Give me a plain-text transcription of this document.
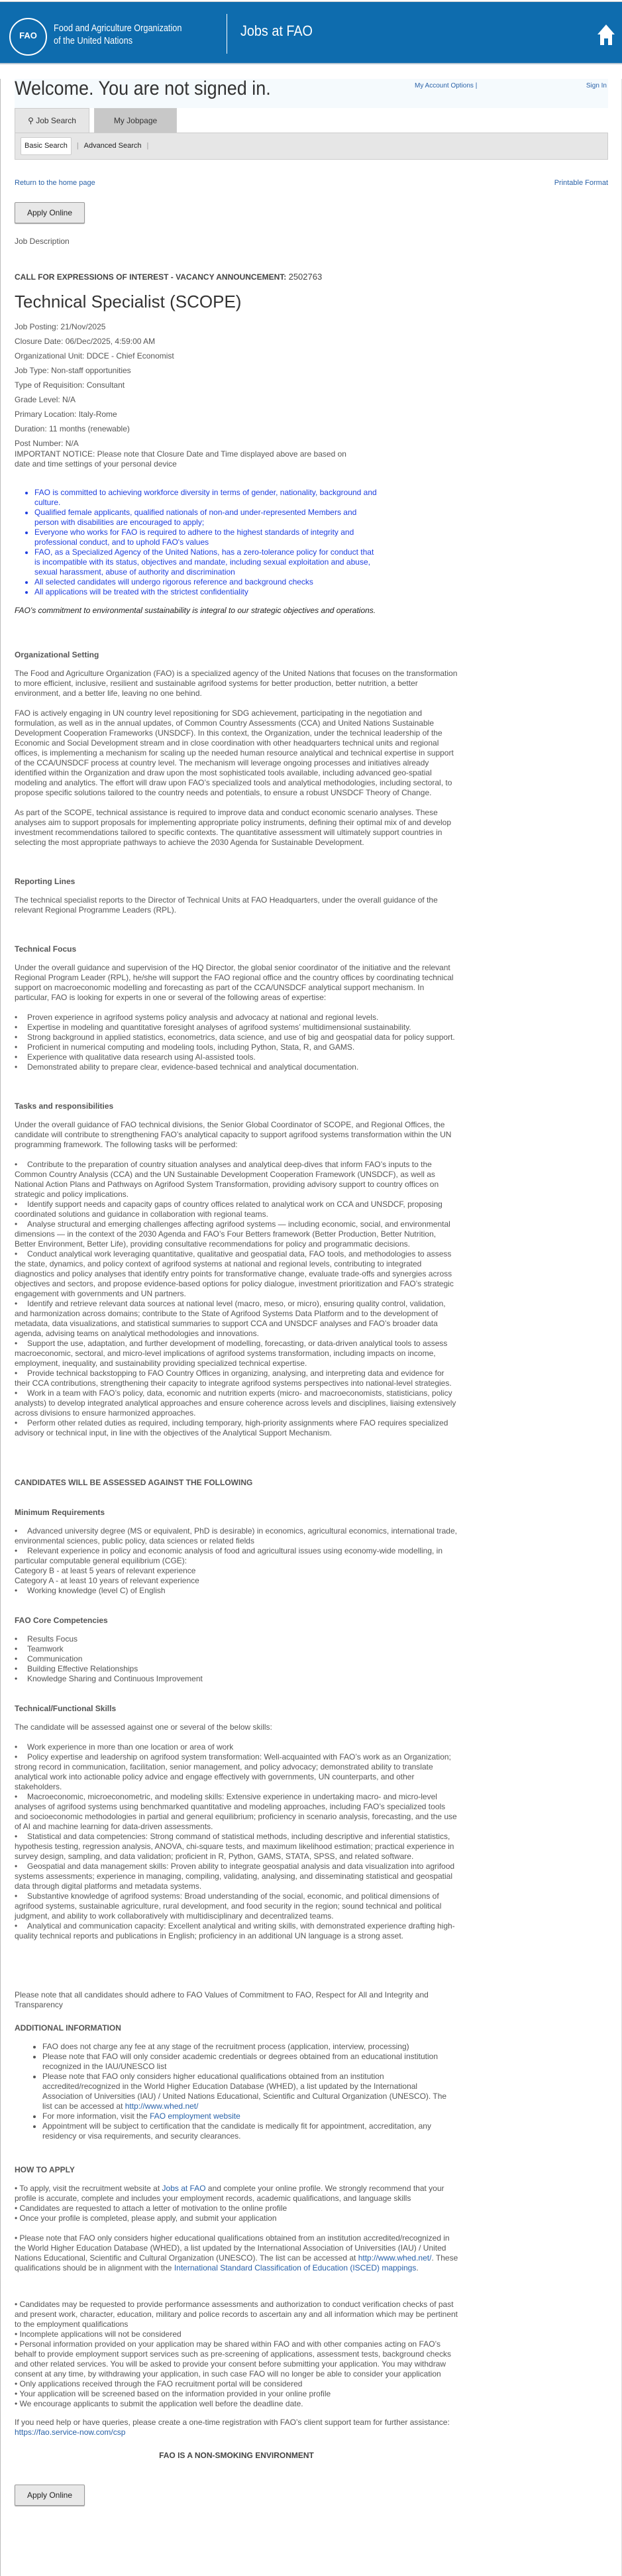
FAO
Food and Agriculture Organization
of the United Nations
Jobs at FAO
Welcome. You are not signed in.	My Account Options |	Sign In
⚲ Job Search	My Jobpage
Basic Search	| Advanced Search |
Return to the home page	Printable Format
Apply Online
Job Description
CALL FOR EXPRESSIONS OF INTEREST - VACANCY ANNOUNCEMENT: 2502763
Technical Specialist (SCOPE)
Job Posting: 21/Nov/2025
Closure Date: 06/Dec/2025, 4:59:00 AM
Organizational Unit: DDCE - Chief Economist
Job Type: Non-staff opportunities
Type of Requisition: Consultant
Grade Level: N/A
Primary Location: Italy-Rome
Duration: 11 months (renewable)
Post Number: N/A
IMPORTANT NOTICE: Please note that Closure Date and Time displayed above are based on date and time settings of your personal device
• FAO is committed to achieving workforce diversity in terms of gender, nationality, background and culture.
• Qualified female applicants, qualified nationals of non-and under-represented Members and person with disabilities are encouraged to apply;
• Everyone who works for FAO is required to adhere to the highest standards of integrity and professional conduct, and to uphold FAO's values
• FAO, as a Specialized Agency of the United Nations, has a zero-tolerance policy for conduct that is incompatible with its status, objectives and mandate, including sexual exploitation and abuse, sexual harassment, abuse of authority and discrimination
• All selected candidates will undergo rigorous reference and background checks
• All applications will be treated with the strictest confidentiality
FAO’s commitment to environmental sustainability is integral to our strategic objectives and operations.
Organizational Setting

The Food and Agriculture Organization (FAO) is a specialized agency of the United Nations that focuses on the transformation to more efficient, inclusive, resilient and sustainable agrifood systems for better production, better nutrition, a better environment, and a better life, leaving no one behind.

FAO is actively engaging in UN country level repositioning for SDG achievement, participating in the negotiation and formulation, as well as in the annual updates, of Common Country Assessments (CCA) and United Nations Sustainable Development Cooperation Frameworks (UNSDCF). In this context, the Organization, under the technical leadership of the Economic and Social Development stream and in close coordination with other headquarters technical units and regional offices, is implementing a mechanism for scaling up the needed human resource analytical and technical expertise in support of the CCA/UNSDCF process at country level. The mechanism will leverage ongoing processes and initiatives already identified within the Organization and draw upon the most sophisticated tools available, including advanced geo-spatial modeling and analytics. The effort will draw upon FAO’s specialized tools and analytical methodologies, including sectoral, to propose specific solutions tailored to the country needs and potentials, to ensure a robust UNSDCF Theory of Change.

As part of the SCOPE, technical assistance is required to improve data and conduct economic scenario analyses. These analyses aim to support proposals for implementing appropriate policy instruments, defining their optimal mix of and develop investment recommendations tailored to specific contexts. The quantitative assessment will ultimately support countries in selecting the most appropriate pathways to achieve the 2030 Agenda for Sustainable Development.

Reporting Lines

The technical specialist reports to the Director of Technical Units at FAO Headquarters, under the overall guidance of the relevant Regional Programme Leaders (RPL).

Technical Focus

Under the overall guidance and supervision of the HQ Director, the global senior coordinator of the initiative and the relevant Regional Program Leader (RPL), he/she will support the FAO regional office and the country offices by coordinating technical support on macroeconomic modelling and forecasting as part of the CCA/UNSDCF analytical support mechanism. In particular, FAO is looking for experts in one or several of the following areas of expertise:

• Proven experience in agrifood systems policy analysis and advocacy at national and regional levels.
• Expertise in modeling and quantitative foresight analyses of agrifood systems’ multidimensional sustainability.
• Strong background in applied statistics, econometrics, data science, and use of big and geospatial data for policy support.
• Proficient in numerical computing and modeling tools, including Python, Stata, R, and GAMS.
• Experience with qualitative data research using AI-assisted tools.
• Demonstrated ability to prepare clear, evidence-based technical and analytical documentation.
Tasks and responsibilities

Under the overall guidance of FAO technical divisions, the Senior Global Coordinator of SCOPE, and Regional Offices, the candidate will contribute to strengthening FAO’s analytical capacity to support agrifood systems transformation within the UN programming framework. The following tasks will be performed:

• Contribute to the preparation of country situation analyses and analytical deep-dives that inform FAO’s inputs to the Common Country Analysis (CCA) and the UN Sustainable Development Cooperation Framework (UNSDCF), as well as National Action Plans and Pathways on Agrifood System Transformation, providing advisory support to country offices on strategic and policy implications.
• Identify support needs and capacity gaps of country offices related to analytical work on CCA and UNSDCF, proposing coordinated solutions and guidance in collaboration with regional teams.
• Analyse structural and emerging challenges affecting agrifood systems — including economic, social, and environmental dimensions — in the context of the 2030 Agenda and FAO’s Four Betters framework (Better Production, Better Nutrition, Better Environment, Better Life), providing consultative recommendations for policy and programmatic decisions.
• Conduct analytical work leveraging quantitative, qualitative and geospatial data, FAO tools, and methodologies to assess the state, dynamics, and policy context of agrifood systems at national and regional levels, contributing to integrated diagnostics and policy analyses that identify entry points for transformative change, evaluate trade-offs and synergies across objectives and sectors, and propose evidence-based options for policy dialogue, investment prioritization and FAO’s strategic engagement with governments and UN partners.
• Identify and retrieve relevant data sources at national level (macro, meso, or micro), ensuring quality control, validation, and harmonization across domains; contribute to the State of Agrifood Systems Data Platform and to the development of metadata, data visualizations, and statistical summaries to support CCA and UNSDCF analyses and FAO’s broader data agenda, advising teams on analytical methodologies and innovations.
• Support the use, adaptation, and further development of modelling, forecasting, or data-driven analytical tools to assess macroeconomic, sectoral, and micro-level implications of agrifood systems transformation, including impacts on income, employment, inequality, and sustainability providing specialized technical expertise.
• Provide technical backstopping to FAO Country Offices in organizing, analysing, and interpreting data and evidence for their CCA contributions, strengthening their capacity to integrate agrifood systems perspectives into national-level strategies.
• Work in a team with FAO’s policy, data, economic and nutrition experts (micro- and macroeconomists, statisticians, policy analysts) to develop integrated analytical approaches and ensure coherence across levels and disciplines, liaising extensively across divisions to ensure harmonized approaches.
• Perform other related duties as required, including temporary, high-priority assignments where FAO requires specialized advisory or technical input, in line with the objectives of the Analytical Support Mechanism.
CANDIDATES WILL BE ASSESSED AGAINST THE FOLLOWING
Minimum Requirements
• Advanced university degree (MS or equivalent, PhD is desirable) in economics, agricultural economics, international trade, environmental sciences, public policy, data sciences or related fields
• Relevant experience in policy and economic analysis of food and agricultural issues using economy-wide modelling, in particular computable general equilibrium (CGE):
Category B - at least 5 years of relevant experience
Category A - at least 10 years of relevant experience
• Working knowledge (level C) of English
FAO Core Competencies
• Results Focus
• Teamwork
• Communication
• Building Effective Relationships
• Knowledge Sharing and Continuous Improvement
Technical/Functional Skills

The candidate will be assessed against one or several of the below skills:

• Work experience in more than one location or area of work
• Policy expertise and leadership on agrifood system transformation: Well-acquainted with FAO’s work as an Organization; strong record in communication, facilitation, senior management, and policy advocacy; demonstrated ability to translate analytical work into actionable policy advice and engage effectively with governments, UN counterparts, and other stakeholders.
• Macroeconomic, microeconometric, and modeling skills: Extensive experience in undertaking macro- and micro-level analyses of agrifood systems using benchmarked quantitative and modeling approaches, including FAO’s specialized tools and socioeconomic methodologies in partial and general equilibrium; proficiency in scenario analysis, forecasting, and the use of AI and machine learning for data-driven assessments.
• Statistical and data competencies: Strong command of statistical methods, including descriptive and inferential statistics, hypothesis testing, regression analysis, ANOVA, chi-square tests, and maximum likelihood estimation; practical experience in survey design, sampling, and data validation; proficient in R, Python, GAMS, STATA, SPSS, and related software.
• Geospatial and data management skills: Proven ability to integrate geospatial analysis and data visualization into agrifood systems assessments; experience in managing, compiling, validating, analysing, and disseminating statistical and geospatial data through digital platforms and metadata systems.
• Substantive knowledge of agrifood systems: Broad understanding of the social, economic, and political dimensions of agrifood systems, sustainable agriculture, rural development, and food security in the region; sound technical and political judgment, and ability to work collaboratively with multidisciplinary and decentralized teams.
• Analytical and communication capacity: Excellent analytical and writing skills, with demonstrated experience drafting high-quality technical reports and publications in English; proficiency in an additional UN language is a strong asset.

Please note that all candidates should adhere to FAO Values of Commitment to FAO, Respect for All and Integrity and Transparency

ADDITIONAL INFORMATION
• FAO does not charge any fee at any stage of the recruitment process (application, interview, processing)
• Please note that FAO will only consider academic credentials or degrees obtained from an educational institution recognized in the IAU/UNESCO list
• Please note that FAO only considers higher educational qualifications obtained from an institution accredited/recognized in the World Higher Education Database (WHED), a list updated by the International Association of Universities (IAU) / United Nations Educational, Scientific and Cultural Organization (UNESCO). The list can be accessed at http://www.whed.net/
• For more information, visit the FAO employment website
• Appointment will be subject to certification that the candidate is medically fit for appointment, accreditation, any residency or visa requirements, and security clearances.
HOW TO APPLY
• To apply, visit the recruitment website at Jobs at FAO and complete your online profile. We strongly recommend that your profile is accurate, complete and includes your employment records, academic qualifications, and language skills
• Candidates are requested to attach a letter of motivation to the online profile
• Once your profile is completed, please apply, and submit your application

• Please note that FAO only considers higher educational qualifications obtained from an institution accredited/recognized in the World Higher Education Database (WHED), a list updated by the International Association of Universities (IAU) / United Nations Educational, Scientific and Cultural Organization (UNESCO). The list can be accessed at http://www.whed.net/. These qualifications should be in alignment with the International Standard Classification of Education (ISCED) mappings.

• Candidates may be requested to provide performance assessments and authorization to conduct verification checks of past and present work, character, education, military and police records to ascertain any and all information which may be pertinent to the employment qualifications
• Incomplete applications will not be considered
• Personal information provided on your application may be shared within FAO and with other companies acting on FAO’s behalf to provide employment support services such as pre-screening of applications, assessment tests, background checks and other related services. You will be asked to provide your consent before submitting your application. You may withdraw consent at any time, by withdrawing your application, in such case FAO will no longer be able to consider your application
• Only applications received through the FAO recruitment portal will be considered
• Your application will be screened based on the information provided in your online profile
• We encourage applicants to submit the application well before the deadline date.

If you need help or have queries, please create a one-time registration with FAO’s client support team for further assistance: https://fao.service-now.com/csp

FAO IS A NON-SMOKING ENVIRONMENT
Apply Online
